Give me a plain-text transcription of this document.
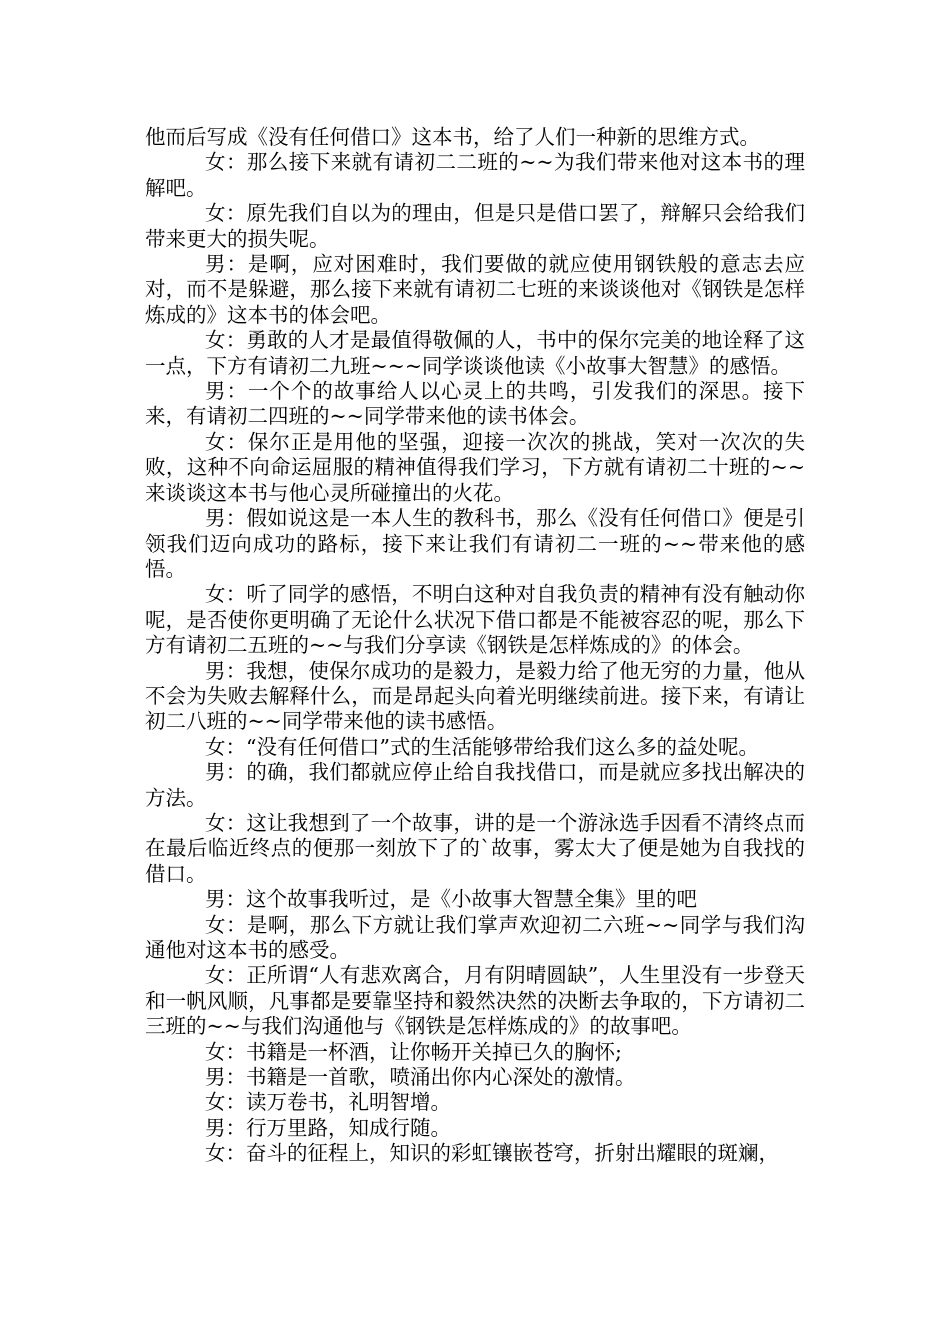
他而后写成《没有任何借口》这本书，给了人们一种新的思维方式。

女：那么接下来就有请初二二班的~~为我们带来他对这本书的理解吧。

女：原先我们自以为的理由，但是只是借口罢了，辩解只会给我们带来更大的损失呢。

男：是啊，应对困难时，我们要做的就应使用钢铁般的意志去应对，而不是躲避，那么接下来就有请初二七班的来谈谈他对《钢铁是怎样炼成的》这本书的体会吧。

女：勇敢的人才是最值得敬佩的人，书中的保尔完美的地诠释了这一点，下方有请初二九班~~~同学谈谈他读《小故事大智慧》的感悟。

男：一个个的故事给人以心灵上的共鸣，引发我们的深思。接下来，有请初二四班的~~同学带来他的读书体会。

女：保尔正是用他的坚强，迎接一次次的挑战，笑对一次次的失败，这种不向命运屈服的精神值得我们学习，下方就有请初二十班的~~来谈谈这本书与他心灵所碰撞出的火花。

男：假如说这是一本人生的教科书，那么《没有任何借口》便是引领我们迈向成功的路标，接下来让我们有请初二一班的~~带来他的感悟。

女：听了同学的感悟，不明白这种对自我负责的精神有没有触动你呢，是否使你更明确了无论什么状况下借口都是不能被容忍的呢，那么下方有请初二五班的~~与我们分享读《钢铁是怎样炼成的》的体会。

男：我想，使保尔成功的是毅力，是毅力给了他无穷的力量，他从不会为失败去解释什么，而是昂起头向着光明继续前进。接下来，有请让初二八班的~~同学带来他的读书感悟。

女：“没有任何借口”式的生活能够带给我们这么多的益处呢。

男：的确，我们都就应停止给自我找借口，而是就应多找出解决的方法。

女：这让我想到了一个故事，讲的是一个游泳选手因看不清终点而在最后临近终点的便那一刻放下了的`故事，雾太大了便是她为自我找的借口。

男：这个故事我听过，是《小故事大智慧全集》里的吧

女：是啊，那么下方就让我们掌声欢迎初二六班~~同学与我们沟通他对这本书的感受。

女：正所谓“人有悲欢离合，月有阴晴圆缺”，人生里没有一步登天和一帆风顺，凡事都是要靠坚持和毅然决然的决断去争取的，下方请初二三班的~~与我们沟通他与《钢铁是怎样炼成的》的故事吧。

女：书籍是一杯酒，让你畅开关掉已久的胸怀;

男：书籍是一首歌，喷涌出你内心深处的激情。

女：读万卷书，礼明智增。

男：行万里路，知成行随。

女：奋斗的征程上，知识的彩虹镶嵌苍穹，折射出耀眼的斑斓，
